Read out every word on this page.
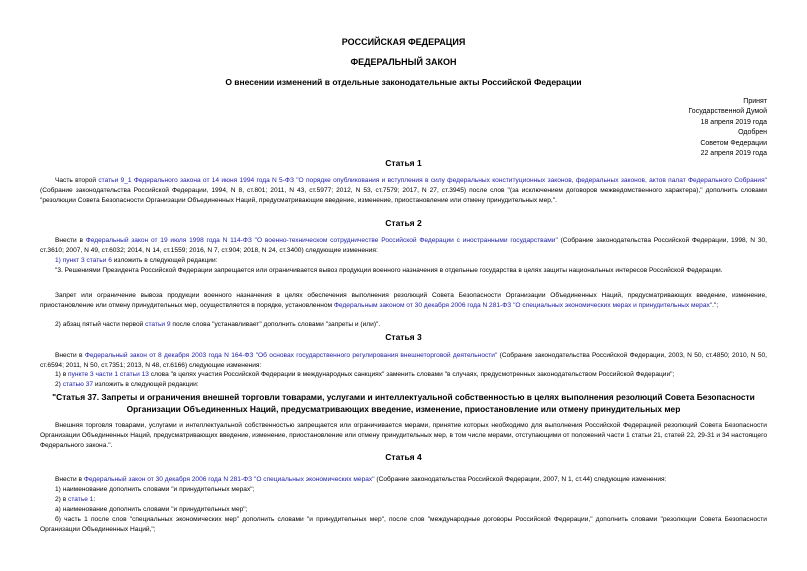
РОССИЙСКАЯ ФЕДЕРАЦИЯ
ФЕДЕРАЛЬНЫЙ ЗАКОН
О внесении изменений в отдельные законодательные акты Российской Федерации
Принят
Государственной Думой
18 апреля 2019 года
Одобрен
Советом Федерации
22 апреля 2019 года
Статья 1
Часть второй статьи 9_1 Федерального закона от 14 июня 1994 года N 5-ФЗ "О порядке опубликования и вступления в силу федеральных конституционных законов, федеральных законов, актов палат Федерального Собрания" (Собрание законодательства Российской Федерации, 1994, N 8, ст.801; 2011, N 43, ст.5977; 2012, N 53, ст.7579; 2017, N 27, ст.3945) после слов "(за исключением договоров межведомственного характера)," дополнить словами "резолюции Совета Безопасности Организации Объединенных Наций, предусматривающие введение, изменение, приостановление или отмену принудительных мер,".
Статья 2
Внести в Федеральный закон от 19 июля 1998 года N 114-ФЗ "О военно-техническом сотрудничестве Российской Федерации с иностранными государствами" (Собрание законодательства Российской Федерации, 1998, N 30, ст.3610; 2007, N 49, ст.6032; 2014, N 14, ст.1559; 2016, N 7, ст.904; 2018, N 24, ст.3400) следующие изменения:
1) пункт 3 статьи 6 изложить в следующей редакции:
"3. Решениями Президента Российской Федерации запрещается или ограничивается вывоз продукции военного назначения в отдельные государства в целях защиты национальных интересов Российской Федерации.
Запрет или ограничение вывоза продукции военного назначения в целях обеспечения выполнения резолюций Совета Безопасности Организации Объединенных Наций, предусматривающих введение, изменение, приостановление или отмену принудительных мер, осуществляется в порядке, установленном Федеральным законом от 30 декабря 2006 года N 281-ФЗ "О специальных экономических мерах и принудительных мерах".";
2) абзац пятый части первой статьи 9 после слова "устанавливает" дополнить словами "запреты и (или)".
Статья 3
Внести в Федеральный закон от 8 декабря 2003 года N 164-ФЗ "Об основах государственного регулирования внешнеторговой деятельности" (Собрание законодательства Российской Федерации, 2003, N 50, ст.4850; 2010, N 50, ст.6594; 2011, N 50, ст.7351; 2013, N 48, ст.6166) следующие изменения:
1) в пункте 3 части 1 статьи 13 слова "в целях участия Российской Федерации в международных санкциях" заменить словами "в случаях, предусмотренных законодательством Российской Федерации";
2) статью 37 изложить в следующей редакции:
"Статья 37. Запреты и ограничения внешней торговли товарами, услугами и интеллектуальной собственностью в целях выполнения резолюций Совета Безопасности Организации Объединенных Наций, предусматривающих введение, изменение, приостановление или отмену принудительных мер
Внешняя торговля товарами, услугами и интеллектуальной собственностью запрещается или ограничивается мерами, принятие которых необходимо для выполнения Российской Федерацией резолюций Совета Безопасности Организации Объединенных Наций, предусматривающих введение, изменение, приостановление или отмену принудительных мер, в том числе мерами, отступающими от положений части 1 статьи 21, статей 22, 29-31 и 34 настоящего Федерального закона.".
Статья 4
Внести в Федеральный закон от 30 декабря 2006 года N 281-ФЗ "О специальных экономических мерах" (Собрание законодательства Российской Федерации, 2007, N 1, ст.44) следующие изменения:
1) наименование дополнить словами "и принудительных мерах";
2) в статье 1:
а) наименование дополнить словами "и принудительных мер";
б) часть 1 после слов "специальных экономических мер" дополнить словами "и принудительных мер", после слов "международные договоры Российской Федерации," дополнить словами "резолюции Совета Безопасности Организации Объединенных Наций,";
